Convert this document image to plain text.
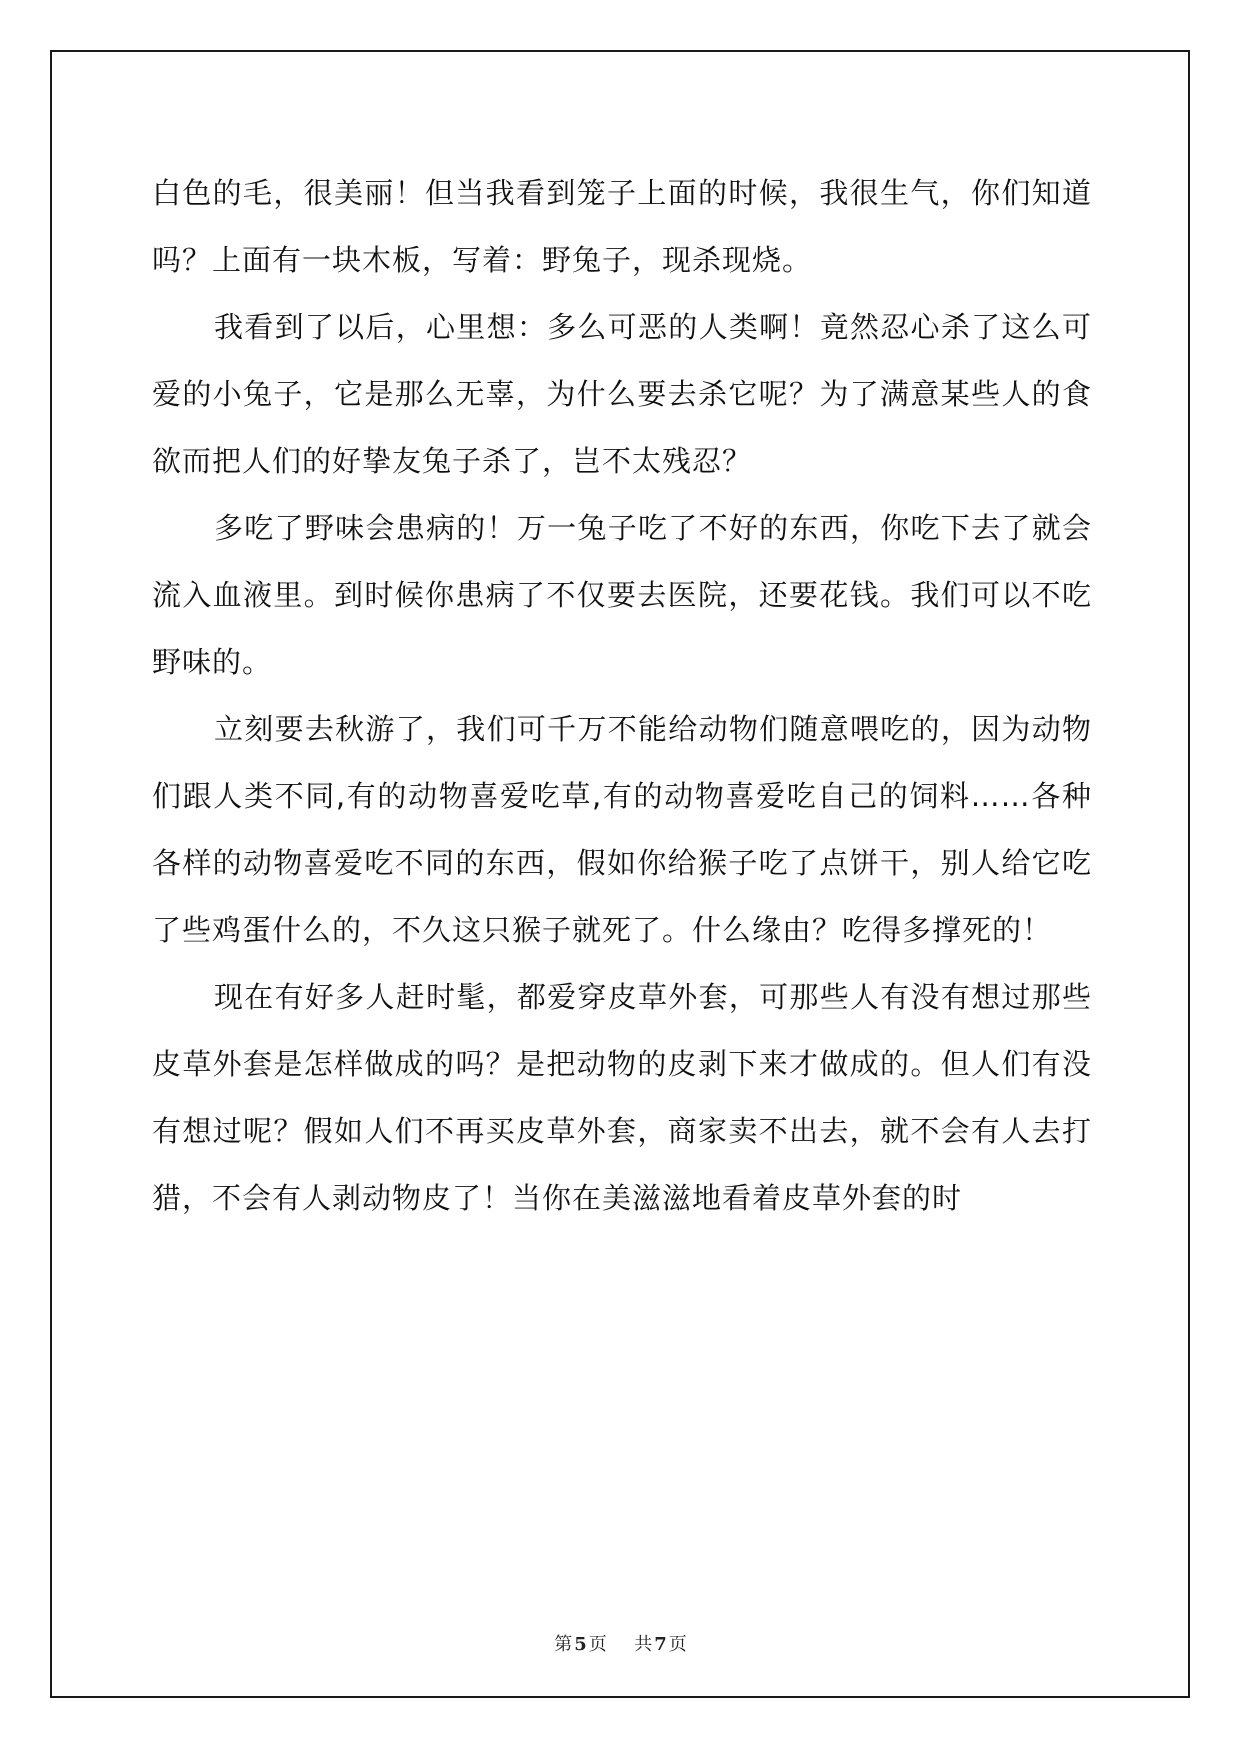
白色的毛，很美丽！但当我看到笼子上面的时候，我很生气，你们知道吗？上面有一块木板，写着：野兔子，现杀现烧。

我看到了以后，心里想：多么可恶的人类啊！竟然忍心杀了这么可爱的小兔子，它是那么无辜，为什么要去杀它呢？为了满意某些人的食欲而把人们的好挚友兔子杀了，岂不太残忍？

多吃了野味会患病的！万一兔子吃了不好的东西，你吃下去了就会流入血液里。到时候你患病了不仅要去医院，还要花钱。我们可以不吃野味的。

立刻要去秋游了，我们可千万不能给动物们随意喂吃的，因为动物们跟人类不同,有的动物喜爱吃草,有的动物喜爱吃自己的饲料……各种各样的动物喜爱吃不同的东西，假如你给猴子吃了点饼干，别人给它吃了些鸡蛋什么的，不久这只猴子就死了。什么缘由？吃得多撑死的！

现在有好多人赶时髦，都爱穿皮草外套，可那些人有没有想过那些皮草外套是怎样做成的吗？是把动物的皮剥下来才做成的。但人们有没有想过呢？假如人们不再买皮草外套，商家卖不出去，就不会有人去打猎，不会有人剥动物皮了！当你在美滋滋地看着皮草外套的时

第 5 页 共 7 页
